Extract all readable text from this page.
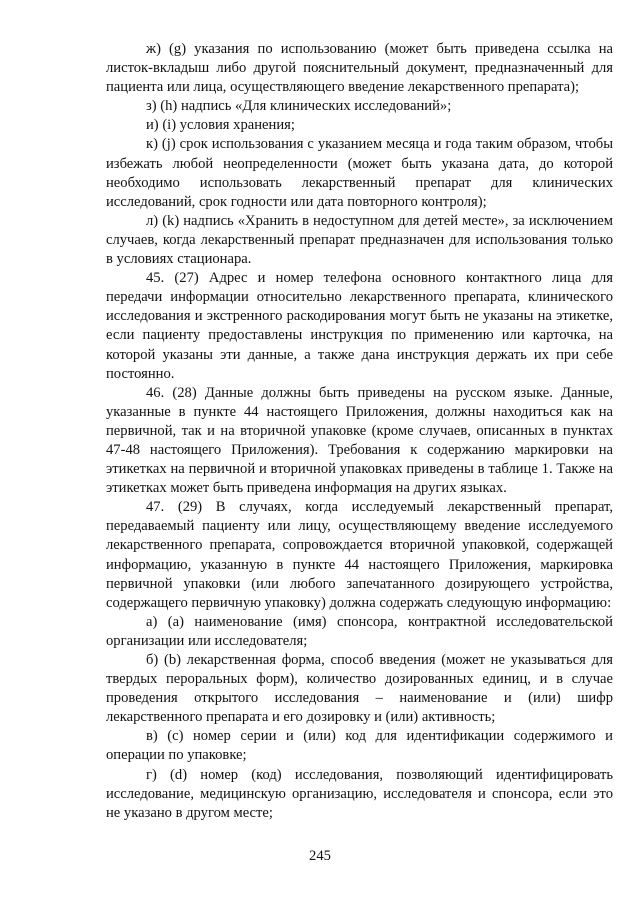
ж) (g) указания по использованию (может быть приведена ссылка на листок-вкладыш либо другой пояснительный документ, предназначенный для пациента или лица, осуществляющего введение лекарственного препарата);

з) (h) надпись «Для клинических исследований»;

и) (i) условия хранения;

к) (j) срок использования с указанием месяца и года таким образом, чтобы избежать любой неопределенности (может быть указана дата, до которой необходимо использовать лекарственный препарат для клинических исследований, срок годности или дата повторного контроля);

л) (k) надпись «Хранить в недоступном для детей месте», за исключением случаев, когда лекарственный препарат предназначен для использования только в условиях стационара.

45. (27) Адрес и номер телефона основного контактного лица для передачи информации относительно лекарственного препарата, клинического исследования и экстренного раскодирования могут быть не указаны на этикетке, если пациенту предоставлены инструкция по применению или карточка, на которой указаны эти данные, а также дана инструкция держать их при себе постоянно.

46. (28) Данные должны быть приведены на русском языке. Данные, указанные в пункте 44 настоящего Приложения, должны находиться как на первичной, так и на вторичной упаковке (кроме случаев, описанных в пунктах 47-48 настоящего Приложения). Требования к содержанию маркировки на этикетках на первичной и вторичной упаковках приведены в таблице 1. Также на этикетках может быть приведена информация на других языках.

47. (29) В случаях, когда исследуемый лекарственный препарат, передаваемый пациенту или лицу, осуществляющему введение исследуемого лекарственного препарата, сопровождается вторичной упаковкой, содержащей информацию, указанную в пункте 44 настоящего Приложения, маркировка первичной упаковки (или любого запечатанного дозирующего устройства, содержащего первичную упаковку) должна содержать следующую информацию:

а) (а) наименование (имя) спонсора, контрактной исследовательской организации или исследователя;

б) (b) лекарственная форма, способ введения (может не указываться для твердых пероральных форм), количество дозированных единиц, и в случае проведения открытого исследования – наименование и (или) шифр лекарственного препарата и его дозировку и (или) активность;

в) (с) номер серии и (или) код для идентификации содержимого и операции по упаковке;

г) (d) номер (код) исследования, позволяющий идентифицировать исследование, медицинскую организацию, исследователя и спонсора, если это не указано в другом месте;

245
